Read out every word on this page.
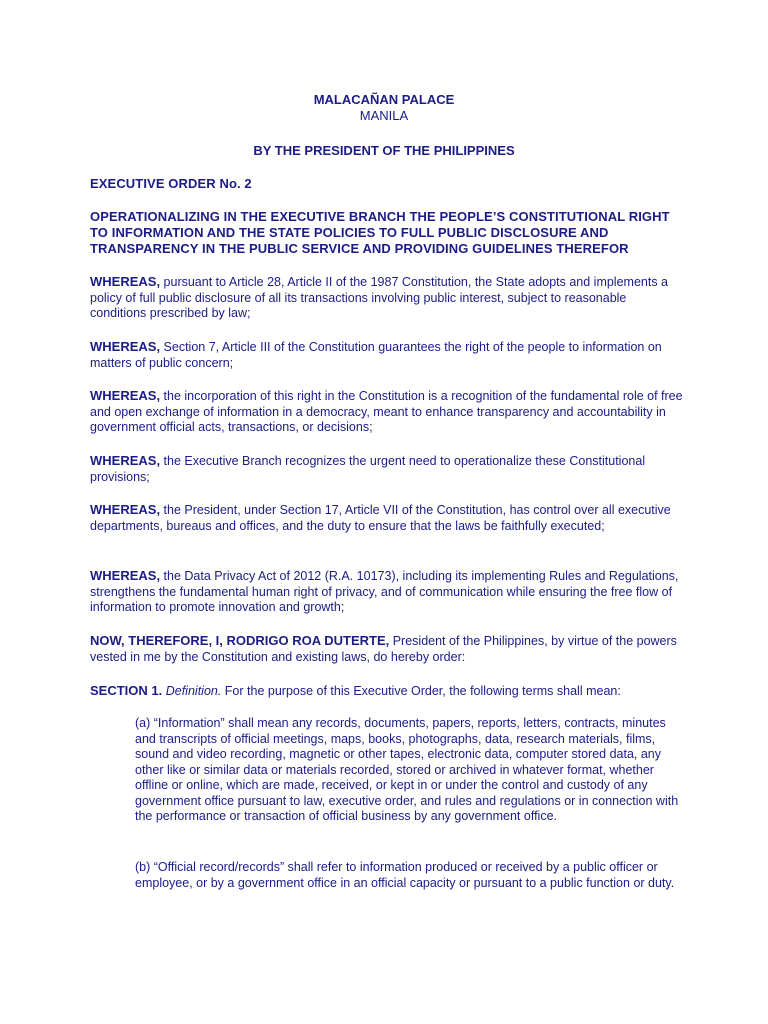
MALACAÑAN PALACE
MANILA
BY THE PRESIDENT OF THE PHILIPPINES
EXECUTIVE ORDER No. 2
OPERATIONALIZING IN THE EXECUTIVE BRANCH THE PEOPLE’S CONSTITUTIONAL RIGHT TO INFORMATION AND THE STATE POLICIES TO FULL PUBLIC DISCLOSURE AND TRANSPARENCY IN THE PUBLIC SERVICE AND PROVIDING GUIDELINES THEREFOR
WHEREAS, pursuant to Article 28, Article II of the 1987 Constitution, the State adopts and implements a policy of full public disclosure of all its transactions involving public interest, subject to reasonable conditions prescribed by law;
WHEREAS, Section 7, Article III of the Constitution guarantees the right of the people to information on matters of public concern;
WHEREAS, the incorporation of this right in the Constitution is a recognition of the fundamental role of free and open exchange of information in a democracy, meant to enhance transparency and accountability in government official acts, transactions, or decisions;
WHEREAS, the Executive Branch recognizes the urgent need to operationalize these Constitutional provisions;
WHEREAS, the President, under Section 17, Article VII of the Constitution, has control over all executive departments, bureaus and offices, and the duty to ensure that the laws be faithfully executed;
WHEREAS, the Data Privacy Act of 2012 (R.A. 10173), including its implementing Rules and Regulations, strengthens the fundamental human right of privacy, and of communication while ensuring the free flow of information to promote innovation and growth;
NOW, THEREFORE, I, RODRIGO ROA DUTERTE, President of the Philippines, by virtue of the powers vested in me by the Constitution and existing laws, do hereby order:
SECTION 1. Definition. For the purpose of this Executive Order, the following terms shall mean:
(a) “Information” shall mean any records, documents, papers, reports, letters, contracts, minutes and transcripts of official meetings, maps, books, photographs, data, research materials, films, sound and video recording, magnetic or other tapes, electronic data, computer stored data, any other like or similar data or materials recorded, stored or archived in whatever format, whether offline or online, which are made, received, or kept in or under the control and custody of any government office pursuant to law, executive order, and rules and regulations or in connection with the performance or transaction of official business by any government office.
(b) “Official record/records” shall refer to information produced or received by a public officer or employee, or by a government office in an official capacity or pursuant to a public function or duty.
